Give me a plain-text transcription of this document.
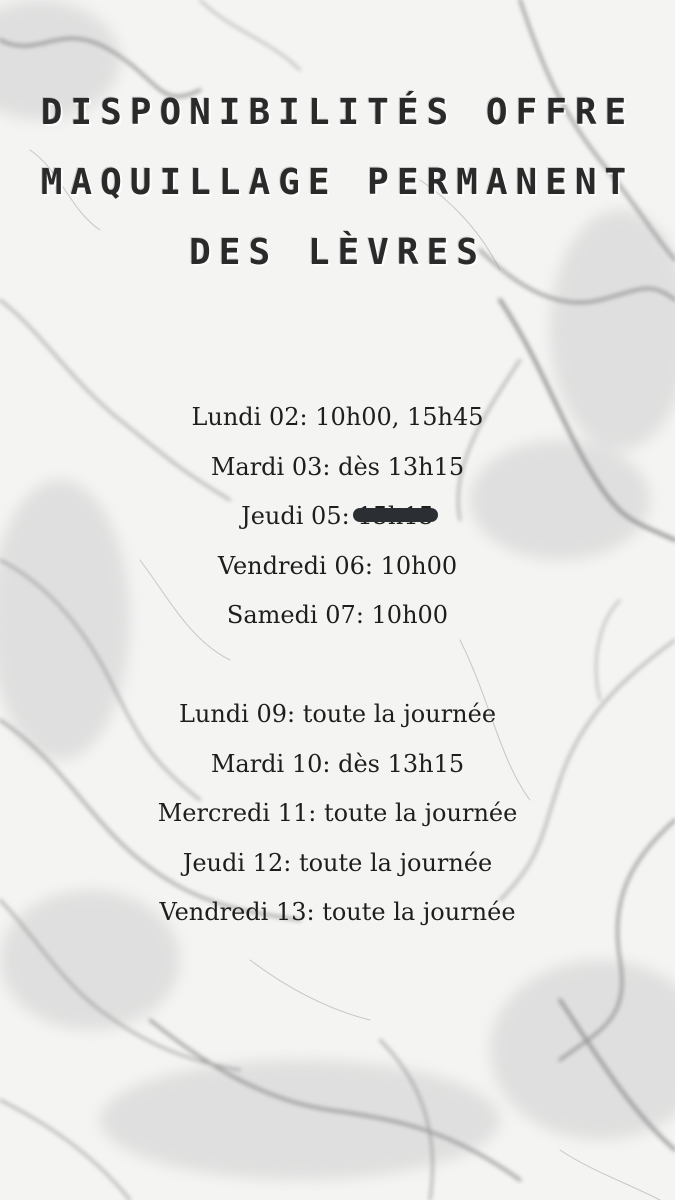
DISPONIBILITÉS OFFRE
MAQUILLAGE PERMANENT
DES LÈVRES
Lundi 02: 10h00, 15h45
Mardi 03: dès 13h15
Jeudi 05:
Vendredi 06: 10h00
Samedi 07: 10h00
Lundi 09: toute la journée
Mardi 10: dès 13h15
Mercredi 11: toute la journée
Jeudi 12: toute la journée
Vendredi 13: toute la journée
